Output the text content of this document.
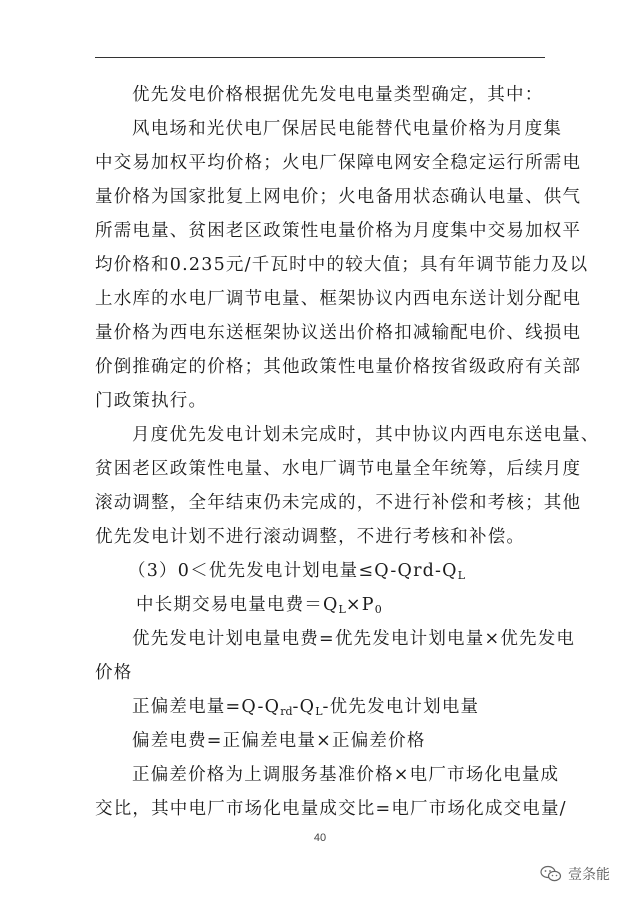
优先发电价格根据优先发电电量类型确定，其中：
风电场和光伏电厂保居民电能替代电量价格为月度集
中交易加权平均价格；火电厂保障电网安全稳定运行所需电
量价格为国家批复上网电价；火电备用状态确认电量、供气
所需电量、贫困老区政策性电量价格为月度集中交易加权平
均价格和0.235元/千瓦时中的较大值；具有年调节能力及以
上水库的水电厂调节电量、框架协议内西电东送计划分配电
量价格为西电东送框架协议送出价格扣减输配电价、线损电
价倒推确定的价格；其他政策性电量价格按省级政府有关部
门政策执行。
月度优先发电计划未完成时，其中协议内西电东送电量、
贫困老区政策性电量、水电厂调节电量全年统筹，后续月度
滚动调整，全年结束仍未完成的，不进行补偿和考核；其他
优先发电计划不进行滚动调整，不进行考核和补偿。
（3）0＜优先发电计划电量$\le Q-Qrd-Q_L$
中长期交易电量电费$=Q_L\times P_0$
优先发电计划电量电费=优先发电计划电量×优先发电
价格
正偏差电量$=Q-Q_{rd}-Q_L-$优先发电计划电量
偏差电费=正偏差电量×正偏差价格
正偏差价格为上调服务基准价格×电厂市场化电量成
交比，其中电厂市场化电量成交比=电厂市场化成交电量/
40
壹条能
